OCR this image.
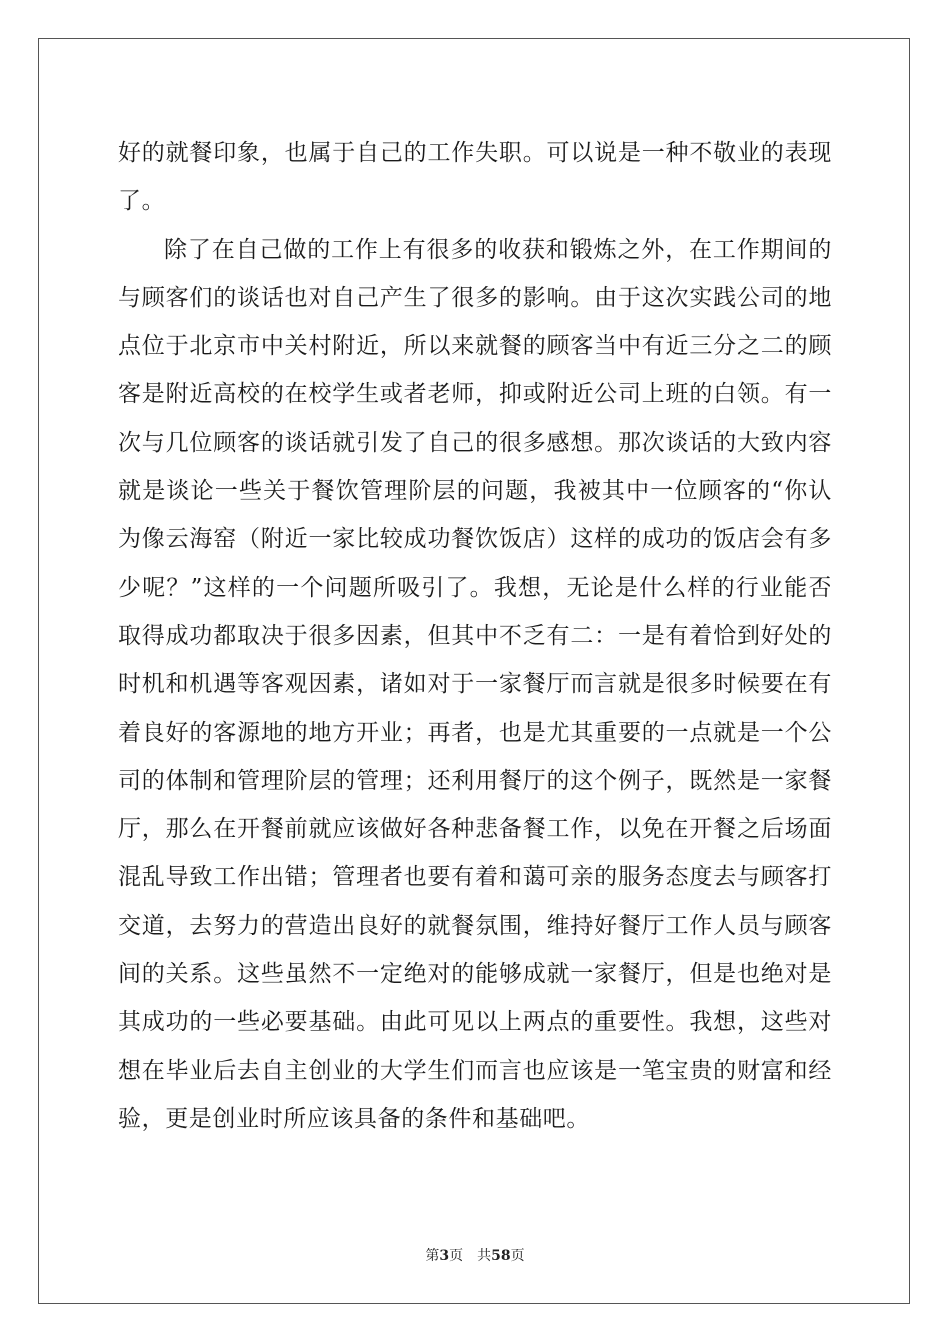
好的就餐印象，也属于自己的工作失职。可以说是一种不敬业的表现了。

除了在自己做的工作上有很多的收获和锻炼之外，在工作期间的与顾客们的谈话也对自己产生了很多的影响。由于这次实践公司的地点位于北京市中关村附近，所以来就餐的顾客当中有近三分之二的顾客是附近高校的在校学生或者老师，抑或附近公司上班的白领。有一次与几位顾客的谈话就引发了自己的很多感想。那次谈话的大致内容就是谈论一些关于餐饮管理阶层的问题，我被其中一位顾客的“你认为像云海窑（附近一家比较成功餐饮饭店）这样的成功的饭店会有多少呢？”这样的一个问题所吸引了。我想，无论是什么样的行业能否取得成功都取决于很多因素，但其中不乏有二：一是有着恰到好处的时机和机遇等客观因素，诸如对于一家餐厅而言就是很多时候要在有着良好的客源地的地方开业；再者，也是尤其重要的一点就是一个公司的体制和管理阶层的管理；还利用餐厅的这个例子，既然是一家餐厅，那么在开餐前就应该做好各种悲备餐工作，以免在开餐之后场面混乱导致工作出错；管理者也要有着和蔼可亲的服务态度去与顾客打交道，去努力的营造出良好的就餐氛围，维持好餐厅工作人员与顾客间的关系。这些虽然不一定绝对的能够成就一家餐厅，但是也绝对是其成功的一些必要基础。由此可见以上两点的重要性。我想，这些对想在毕业后去自主创业的大学生们而言也应该是一笔宝贵的财富和经验，更是创业时所应该具备的条件和基础吧。

第3页 共58页
